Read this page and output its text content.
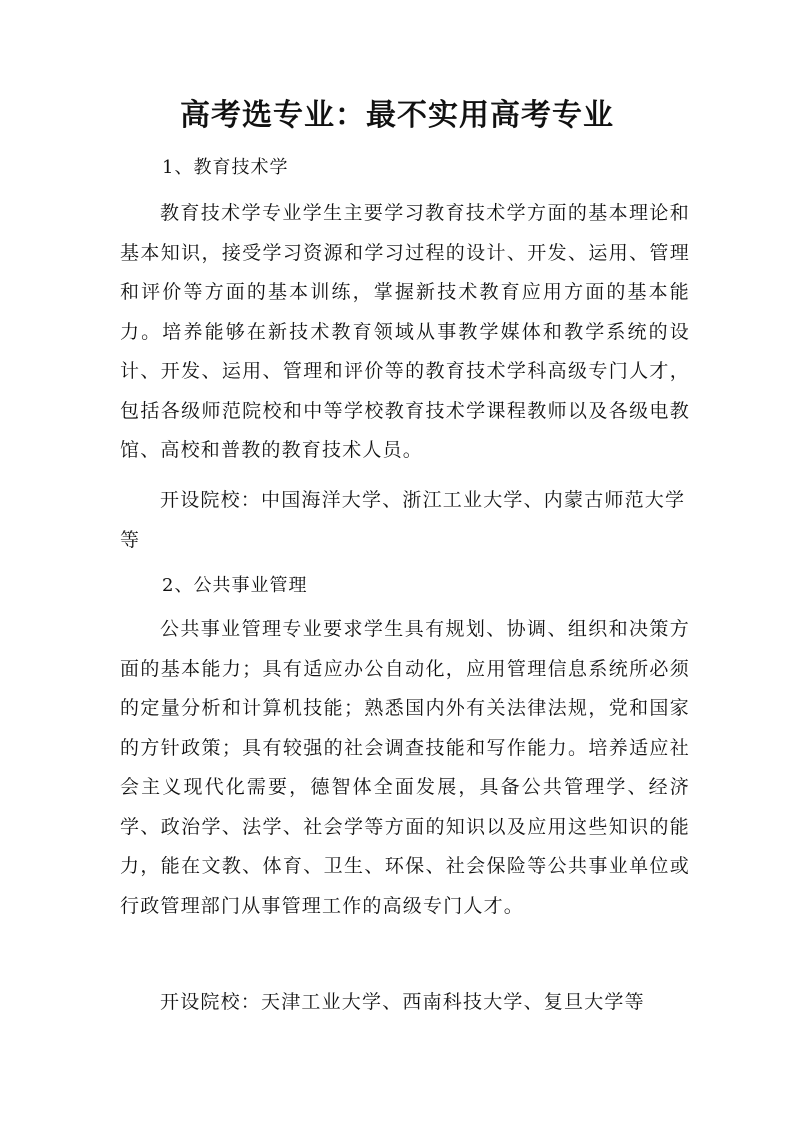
高考选专业：最不实用高考专业
1、教育技术学

教育技术学专业学生主要学习教育技术学方面的基本理论和基本知识，接受学习资源和学习过程的设计、开发、运用、管理和评价等方面的基本训练，掌握新技术教育应用方面的基本能力。培养能够在新技术教育领域从事教学媒体和教学系统的设计、开发、运用、管理和评价等的教育技术学科高级专门人才，包括各级师范院校和中等学校教育技术学课程教师以及各级电教馆、高校和普教的教育技术人员。

开设院校：中国海洋大学、浙江工业大学、内蒙古师范大学等

2、公共事业管理

公共事业管理专业要求学生具有规划、协调、组织和决策方面的基本能力；具有适应办公自动化，应用管理信息系统所必须的定量分析和计算机技能；熟悉国内外有关法律法规，党和国家的方针政策；具有较强的社会调查技能和写作能力。培养适应社会主义现代化需要，德智体全面发展，具备公共管理学、经济学、政治学、法学、社会学等方面的知识以及应用这些知识的能力，能在文教、体育、卫生、环保、社会保险等公共事业单位或行政管理部门从事管理工作的高级专门人才。

开设院校：天津工业大学、西南科技大学、复旦大学等
